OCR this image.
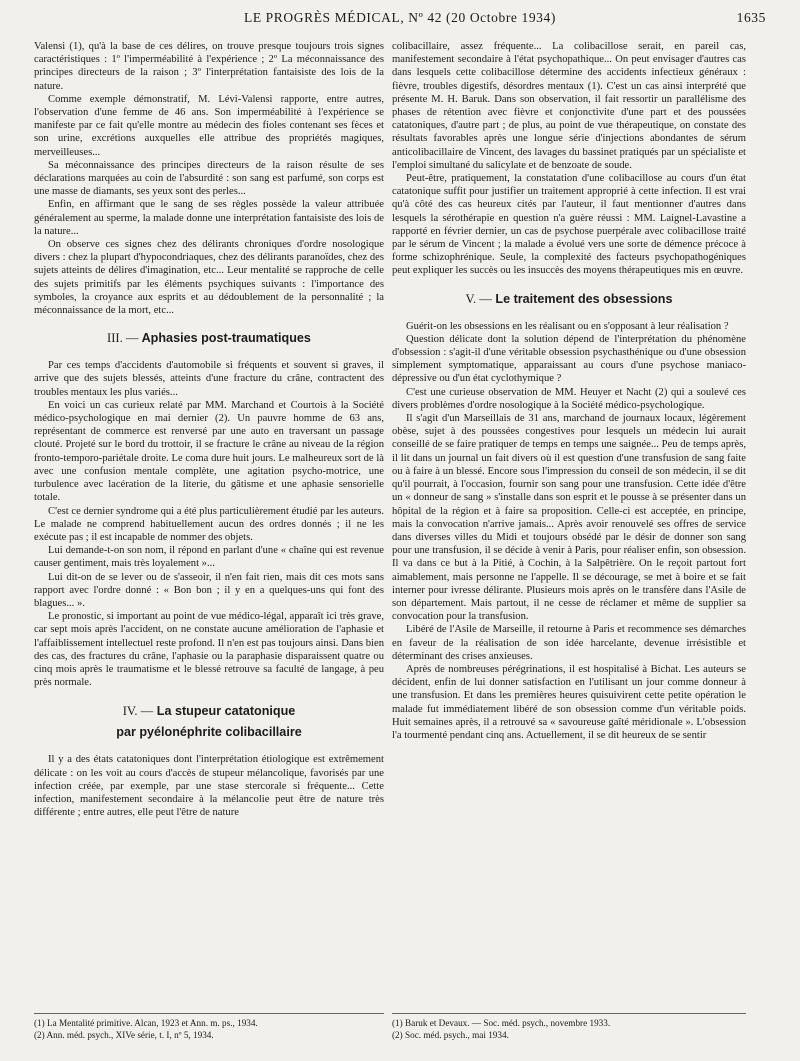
LE PROGRÈS MÉDICAL, Nº 42 (20 Octobre 1934)	1635

Valensi (1), qu'à la base de ces délires, on trouve presque toujours trois signes caractéristiques : 1º l'imperméabilité à l'expérience ; 2º La méconnaissance des principes directeurs de la raison ; 3º l'interprétation fantaisiste des lois de la nature.

Comme exemple démonstratif, M. Lévi-Valensi rapporte, entre autres, l'observation d'une femme de 46 ans. Son imperméabilité à l'expérience se manifeste par ce fait qu'elle montre au médecin des fioles contenant ses fèces et son urine, excrétions auxquelles elle attribue des propriétés magiques, merveilleuses...

Sa méconnaissance des principes directeurs de la raison résulte de ses déclarations marquées au coin de l'absurdité : son sang est parfumé, son corps est une masse de diamants, ses yeux sont des perles...

Enfin, en affirmant que le sang de ses règles possède la valeur attribuée généralement au sperme, la malade donne une interprétation fantaisiste des lois de la nature...

On observe ces signes chez des délirants chroniques d'ordre nosologique divers : chez la plupart d'hypocondriaques, chez des délirants paranoïdes, chez des sujets atteints de délires d'imagination, etc... Leur mentalité se rapproche de celle des sujets primitifs par les éléments psychiques suivants : l'importance des symboles, la croyance aux esprits et au dédoublement de la personnalité ; la méconnaissance de la mort, etc...

III. — Aphasies post-traumatiques

Par ces temps d'accidents d'automobile si fréquents et souvent si graves, il arrive que des sujets blessés, atteints d'une fracture du crâne, contractent des troubles mentaux les plus variés...

En voici un cas curieux relaté par MM. Marchand et Courtois à la Société médico-psychologique en mai dernier (2). Un pauvre homme de 63 ans, représentant de commerce est renversé par une auto en traversant un passage clouté. Projeté sur le bord du trottoir, il se fracture le crâne au niveau de la région fronto-temporo-pariétale droite. Le coma dure huit jours. Le malheureux sort de là avec une confusion mentale complète, une agitation psycho-motrice, une turbulence avec lacération de la literie, du gâtisme et une aphasie sensorielle totale.

C'est ce dernier syndrome qui a été plus particulièrement étudié par les auteurs. Le malade ne comprend habituellement aucun des ordres donnés ; il ne les exécute pas ; il est incapable de nommer des objets.

Lui demande-t-on son nom, il répond en parlant d'une « chaîne qui est revenue causer gentiment, mais très loyalement »...

Lui dit-on de se lever ou de s'asseoir, il n'en fait rien, mais dit ces mots sans rapport avec l'ordre donné : « Bon bon ; il y en a quelques-uns qui font des blagues... ».

Le pronostic, si important au point de vue médico-légal, apparaît ici très grave, car sept mois après l'accident, on ne constate aucune amélioration de l'aphasie et l'affaiblissement intellectuel reste profond. Il n'en est pas toujours ainsi. Dans bien des cas, des fractures du crâne, l'aphasie ou la paraphasie disparaissent quatre ou cinq mois après le traumatisme et le blessé retrouve sa faculté de langage, à peu près normale.

IV. — La stupeur catatonique
par pyélonéphrite colibacillaire

Il y a des états catatoniques dont l'interprétation étiologique est extrêmement délicate : on les voit au cours d'accès de stupeur mélancolique, favorisés par une infection créée, par exemple, par une stase stercorale si fréquente... Cette infection, manifestement secondaire à la mélancolie peut être de nature très différente ; entre autres, elle peut l'être de nature

(1) La Mentalité primitive. Alcan, 1923 et Ann. m. ps., 1934.
(2) Ann. méd. psych., XIVe série, t. I, nº 5, 1934.

colibacillaire, assez fréquente... La colibacillose serait, en pareil cas, manifestement secondaire à l'état psychopathique... On peut envisager d'autres cas dans lesquels cette colibacillose détermine des accidents infectieux généraux : fièvre, troubles digestifs, désordres mentaux (1). C'est un cas ainsi interprété que présente M. H. Baruk. Dans son observation, il fait ressortir un parallélisme des phases de rétention avec fièvre et conjonctivite d'une part et des poussées catatoniques, d'autre part ; de plus, au point de vue thérapeutique, on constate des résultats favorables après une longue série d'injections abondantes de sérum anticolibacillaire de Vincent, des lavages du bassinet pratiqués par un spécialiste et l'emploi simultané du salicylate et de benzoate de soude.

Peut-être, pratiquement, la constatation d'une colibacillose au cours d'un état catatonique suffit pour justifier un traitement approprié à cette infection. Il est vrai qu'à côté des cas heureux cités par l'auteur, il faut mentionner d'autres dans lesquels la sérothérapie en question n'a guère réussi : MM. Laignel-Lavastine a rapporté en février dernier, un cas de psychose puerpérale avec colibacillose traité par le sérum de Vincent ; la malade a évolué vers une sorte de démence précoce à forme schizophrénique. Seule, la complexité des facteurs psychopathogéniques peut expliquer les succès ou les insuccès des moyens thérapeutiques mis en œuvre.

V. — Le traitement des obsessions

Guérit-on les obsessions en les réalisant ou en s'opposant à leur réalisation ?

Question délicate dont la solution dépend de l'interprétation du phénomène d'obsession : s'agit-il d'une véritable obsession psychasthénique ou d'une obsession simplement symptomatique, apparaissant au cours d'une psychose maniaco-dépressive ou d'un état cyclothymique ?

C'est une curieuse observation de MM. Heuyer et Nacht (2) qui a soulevé ces divers problèmes d'ordre nosologique à la Société médico-psychologique.

Il s'agit d'un Marseillais de 31 ans, marchand de journaux locaux, légèrement obèse, sujet à des poussées congestives pour lesquels un médecin lui aurait conseillé de se faire pratiquer de temps en temps une saignée... Peu de temps après, il lit dans un journal un fait divers où il est question d'une transfusion de sang faite ou à faire à un blessé. Encore sous l'impression du conseil de son médecin, il se dit qu'il pourrait, à l'occasion, fournir son sang pour une transfusion. Cette idée d'être un « donneur de sang » s'installe dans son esprit et le pousse à se présenter dans un hôpital de la région et à faire sa proposition. Celle-ci est acceptée, en principe, mais la convocation n'arrive jamais... Après avoir renouvelé ses offres de service dans diverses villes du Midi et toujours obsédé par le désir de donner son sang pour une transfusion, il se décide à venir à Paris, pour réaliser enfin, son obsession. Il va dans ce but à la Pitié, à Cochin, à la Salpêtrière. On le reçoit partout fort aimablement, mais personne ne l'appelle. Il se décourage, se met à boire et se fait interner pour ivresse délirante. Plusieurs mois après on le transfère dans l'Asile de son département. Mais partout, il ne cesse de réclamer et même de supplier sa convocation pour la transfusion.

Libéré de l'Asile de Marseille, il retourne à Paris et recommence ses démarches en faveur de la réalisation de son idée harcelante, devenue irrésistible et déterminant des crises anxieuses.

Après de nombreuses pérégrinations, il est hospitalisé à Bichat. Les auteurs se décident, enfin de lui donner satisfaction en l'utilisant un jour comme donneur à une transfusion. Et dans les premières heures quisuivirent cette petite opération le malade fut immédiatement libéré de son obsession comme d'un véritable poids. Huit semaines après, il a retrouvé sa « savoureuse gaîté méridionale ». L'obsession l'a tourmenté pendant cinq ans. Actuellement, il se dit heureux de se sentir

(1) Baruk et Devaux. — Soc. méd. psych., novembre 1933.
(2) Soc. méd. psych., mai 1934.
